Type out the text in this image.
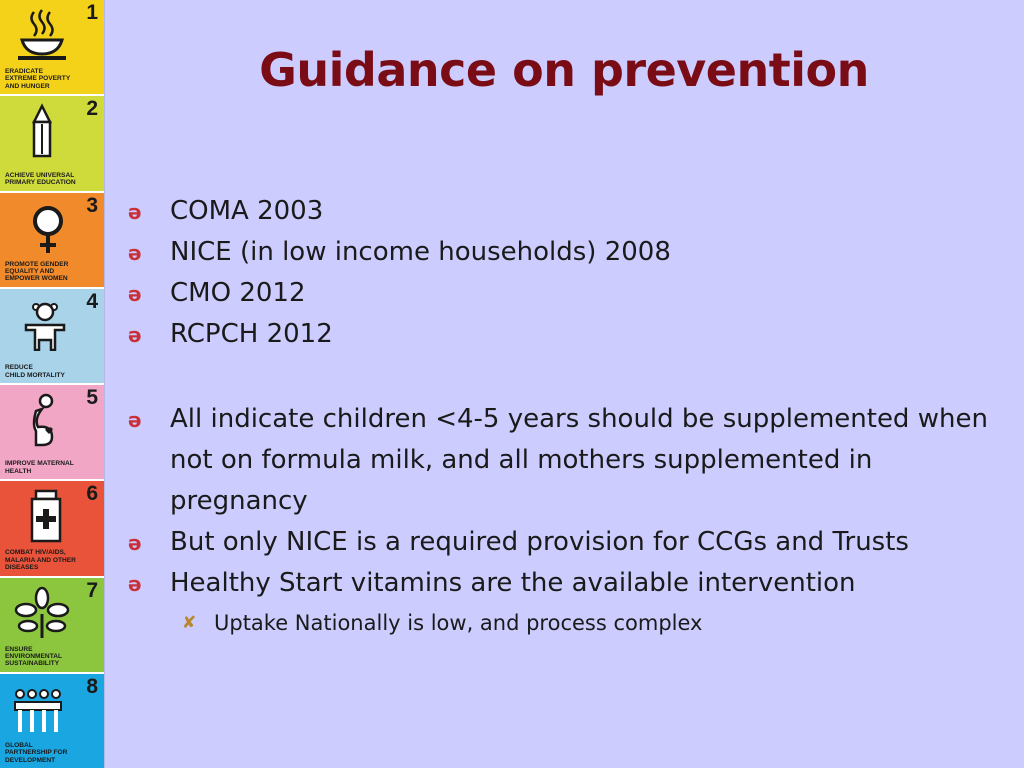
1
ERADICATE
EXTREME POVERTY
AND HUNGER
2
ACHIEVE UNIVERSAL
PRIMARY EDUCATION
3
PROMOTE GENDER
EQUALITY AND
EMPOWER WOMEN
4
REDUCE
CHILD MORTALITY
5
IMPROVE MATERNAL
HEALTH
6
COMBAT HIV/AIDS,
MALARIA AND OTHER
DISEASES
7
ENSURE
ENVIRONMENTAL
SUSTAINABILITY
8
GLOBAL
PARTNERSHIP FOR
DEVELOPMENT
Guidance on prevention
ə COMA 2003
ə NICE (in low income households) 2008
ə CMO 2012
ə RCPCH 2012
ə All indicate children <4-5 years should be supplemented when not on formula milk, and all mothers supplemented in pregnancy
ə But only NICE is a required provision for CCGs and Trusts
ə Healthy Start vitamins are the available intervention
✘ Uptake Nationally is low, and process complex
